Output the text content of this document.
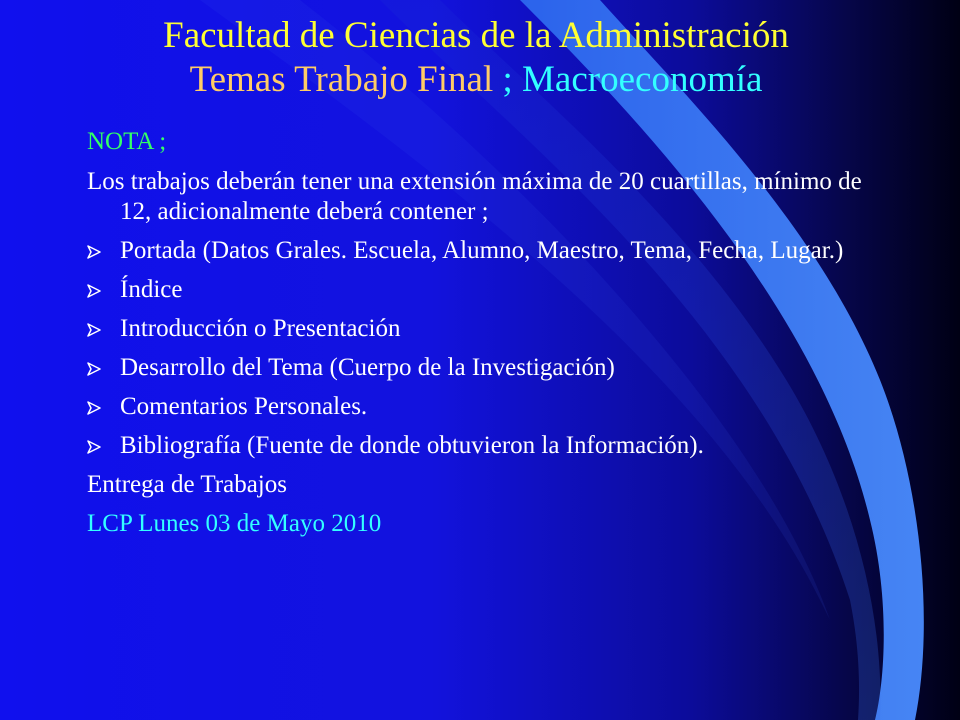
Facultad de Ciencias de la Administración
Temas Trabajo Final ; Macroeconomía
NOTA ;
Los trabajos deberán tener una extensión máxima de 20 cuartillas, mínimo de 12, adicionalmente deberá contener ;
Portada (Datos Grales. Escuela, Alumno, Maestro, Tema, Fecha, Lugar.)
Índice
Introducción o Presentación
Desarrollo del Tema (Cuerpo de la Investigación)
Comentarios Personales.
Bibliografía (Fuente de donde obtuvieron la Información).
Entrega de Trabajos
LCP Lunes 03 de Mayo 2010
